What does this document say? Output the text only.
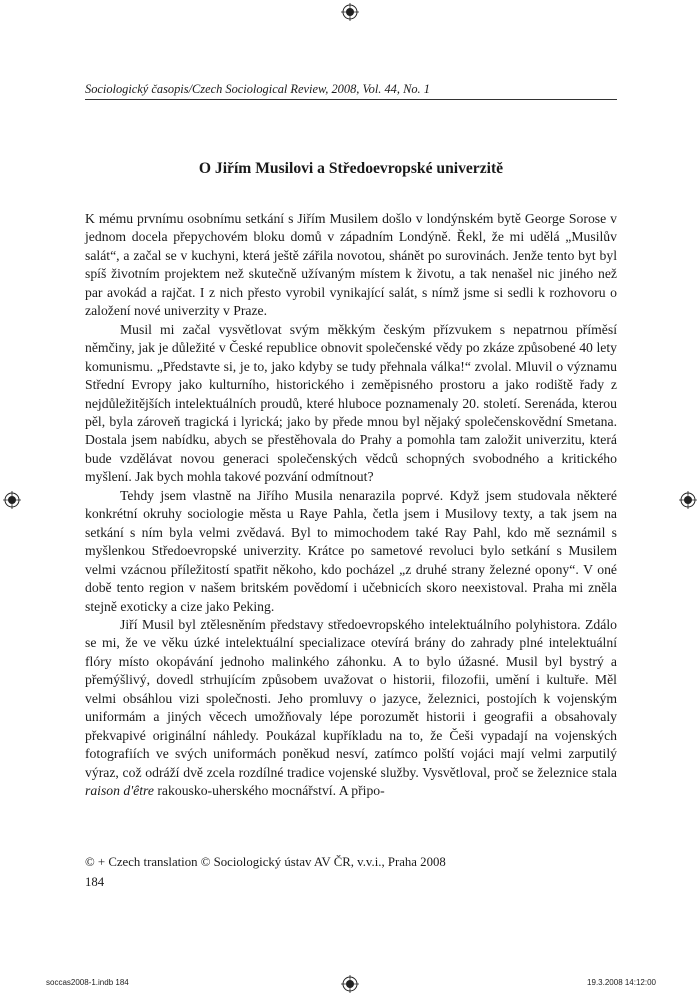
Sociologický časopis/Czech Sociological Review, 2008, Vol. 44, No. 1
O Jiřím Musilovi a Středoevropské univerzitě

K mému prvnímu osobnímu setkání s Jiřím Musilem došlo v londýnském bytě George Sorose v jednom docela přepychovém bloku domů v západním Londýně. Řekl, že mi udělá „Musilův salát“, a začal se v kuchyni, která ještě zářila novotou, shánět po surovinách. Jenže tento byt byl spíš životním projektem než skutečně užívaným místem k životu, a tak nenašel nic jiného než par avokád a rajčat. I z nich přesto vyrobil vynikající salát, s nímž jsme si sedli k rozhovoru o založení nové univerzity v Praze.

Musil mi začal vysvětlovat svým měkkým českým přízvukem s nepatrnou příměsí němčiny, jak je důležité v České republice obnovit společenské vědy po zkáze způsobené 40 lety komunismu. „Představte si, je to, jako kdyby se tudy přehnala válka!“ zvolal. Mluvil o významu Střední Evropy jako kulturního, historického i zeměpisného prostoru a jako rodiště řady z nejdůležitějších intelektuálních proudů, které hluboce poznamenaly 20. století. Serenáda, kterou pěl, byla zároveň tragická i lyrická; jako by přede mnou byl nějaký společenskovědní Smetana. Dostala jsem nabídku, abych se přestěhovala do Prahy a pomohla tam založit univerzitu, která bude vzdělávat novou generaci společenských vědců schopných svobodného a kritického myšlení. Jak bych mohla takové pozvání odmítnout?

Tehdy jsem vlastně na Jiřího Musila nenarazila poprvé. Když jsem studovala některé konkrétní okruhy sociologie města u Raye Pahla, četla jsem i Musilovy texty, a tak jsem na setkání s ním byla velmi zvědavá. Byl to mimochodem také Ray Pahl, kdo mě seznámil s myšlenkou Středoevropské univerzity. Krátce po sametové revoluci bylo setkání s Musilem velmi vzácnou příležitostí spatřit někoho, kdo pocházel „z druhé strany železné opony“. V oné době tento region v našem britském povědomí i učebnicích skoro neexistoval. Praha mi zněla stejně exoticky a cize jako Peking.

Jiří Musil byl ztělesněním představy středoevropského intelektuálního polyhistora. Zdálo se mi, že ve věku úzké intelektuální specializace otevírá brány do zahrady plné intelektuální flóry místo okopávání jednoho malinkého záhonku. A to bylo úžasné. Musil byl bystrý a přemýšlivý, dovedl strhujícím způsobem uvažovat o historii, filozofii, umění i kultuře. Měl velmi obsáhlou vizi společnosti. Jeho promluvy o jazyce, železnici, postojích k vojenským uniformám a jiných věcech umožňovaly lépe porozumět historii i geografii a obsahovaly překvapivé originální náhledy. Poukázal kupříkladu na to, že Češi vypadají na vojenských fotografiích ve svých uniformách poněkud nesví, zatímco polští vojáci mají velmi zarputilý výraz, což odráží dvě zcela rozdílné tradice vojenské služby. Vysvětloval, proč se železnice stala raison d'être rakousko-uherského mocnářství. A připo-

© + Czech translation © Sociologický ústav AV ČR, v.v.i., Praha 2008
184
soccas2008-1.indb 184	19.3.2008 14:12:00
